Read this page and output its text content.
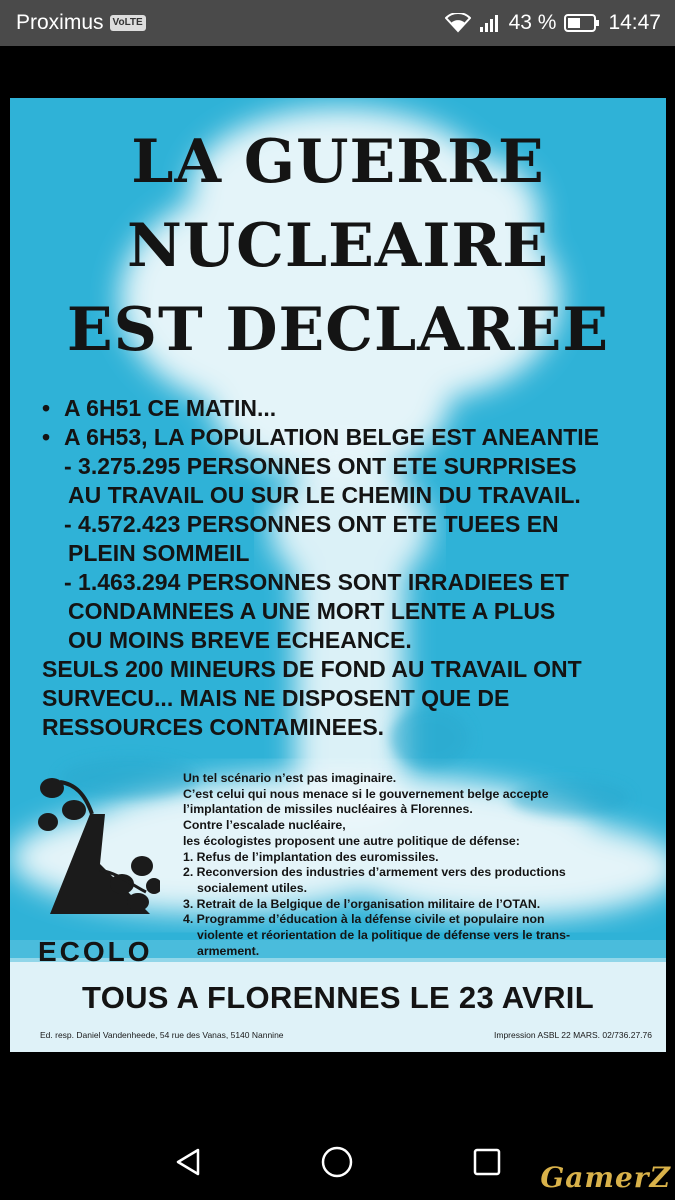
Proximus VoLTE	43 % 14:47
LA GUERRE
NUCLEAIRE
EST DECLAREE
• A 6H51 CE MATIN...
• A 6H53, LA POPULATION BELGE EST ANEANTIE
- 3.275.295 PERSONNES ONT ETE SURPRISES
AU TRAVAIL OU SUR LE CHEMIN DU TRAVAIL.
- 4.572.423 PERSONNES ONT ETE TUEES EN
PLEIN SOMMEIL
- 1.463.294 PERSONNES SONT IRRADIEES ET
CONDAMNEES A UNE MORT LENTE A PLUS
OU MOINS BREVE ECHEANCE.
SEULS 200 MINEURS DE FOND AU TRAVAIL ONT
SURVECU... MAIS NE DISPOSENT QUE DE
RESSOURCES CONTAMINEES.
ECOLO
Un tel scénario n’est pas imaginaire.
C’est celui qui nous menace si le gouvernement belge accepte
l’implantation de missiles nucléaires à Florennes.
Contre l’escalade nucléaire,
les écologistes proposent une autre politique de défense:
1. Refus de l’implantation des euromissiles.
2. Reconversion des industries d’armement vers des productions
socialement utiles.
3. Retrait de la Belgique de l’organisation militaire de l’OTAN.
4. Programme d’éducation à la défense civile et populaire non
violente et réorientation de la politique de défense vers le trans-
armement.
TOUS A FLORENNES LE 23 AVRIL
Ed. resp. Daniel Vandenheede, 54 rue des Vanas, 5140 Nannine	Impression ASBL 22 MARS. 02/736.27.76
GamerZ
